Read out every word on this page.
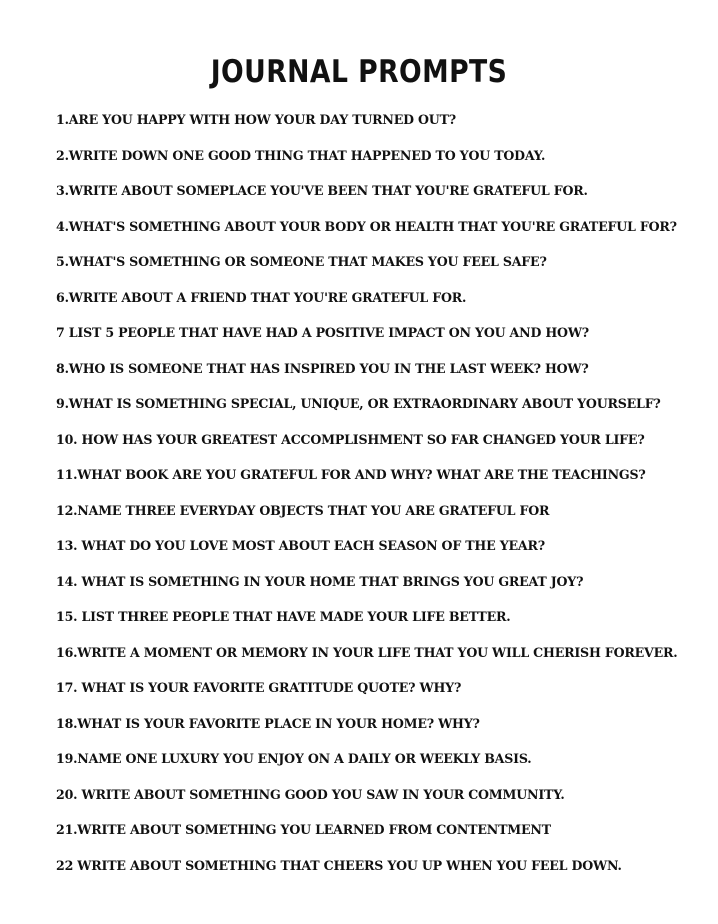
JOURNAL PROMPTS
1.ARE YOU HAPPY WITH HOW YOUR DAY TURNED OUT?
2.WRITE DOWN ONE GOOD THING THAT HAPPENED TO YOU TODAY.
3.WRITE ABOUT SOMEPLACE YOU'VE BEEN THAT YOU'RE GRATEFUL FOR.
4.WHAT'S SOMETHING ABOUT YOUR BODY OR HEALTH THAT YOU'RE GRATEFUL FOR?
5.WHAT'S SOMETHING OR SOMEONE THAT MAKES YOU FEEL SAFE?
6.WRITE ABOUT A FRIEND THAT YOU'RE GRATEFUL FOR.
7 LIST 5 PEOPLE THAT HAVE HAD A POSITIVE IMPACT ON YOU AND HOW?
8.WHO IS SOMEONE THAT HAS INSPIRED YOU IN THE LAST WEEK? HOW?
9.WHAT IS SOMETHING SPECIAL, UNIQUE, OR EXTRAORDINARY ABOUT YOURSELF?
10. HOW HAS YOUR GREATEST ACCOMPLISHMENT SO FAR CHANGED YOUR LIFE?
11.WHAT BOOK ARE YOU GRATEFUL FOR AND WHY? WHAT ARE THE TEACHINGS?
12.NAME THREE EVERYDAY OBJECTS THAT YOU ARE GRATEFUL FOR
13. WHAT DO YOU LOVE MOST ABOUT EACH SEASON OF THE YEAR?
14. WHAT IS SOMETHING IN YOUR HOME THAT BRINGS YOU GREAT JOY?
15. LIST THREE PEOPLE THAT HAVE MADE YOUR LIFE BETTER.
16.WRITE A MOMENT OR MEMORY IN YOUR LIFE THAT YOU WILL CHERISH FOREVER.
17. WHAT IS YOUR FAVORITE GRATITUDE QUOTE? WHY?
18.WHAT IS YOUR FAVORITE PLACE IN YOUR HOME? WHY?
19.NAME ONE LUXURY YOU ENJOY ON A DAILY OR WEEKLY BASIS.
20. WRITE ABOUT SOMETHING GOOD YOU SAW IN YOUR COMMUNITY.
21.WRITE ABOUT SOMETHING YOU LEARNED FROM CONTENTMENT
22 WRITE ABOUT SOMETHING THAT CHEERS YOU UP WHEN YOU FEEL DOWN.
